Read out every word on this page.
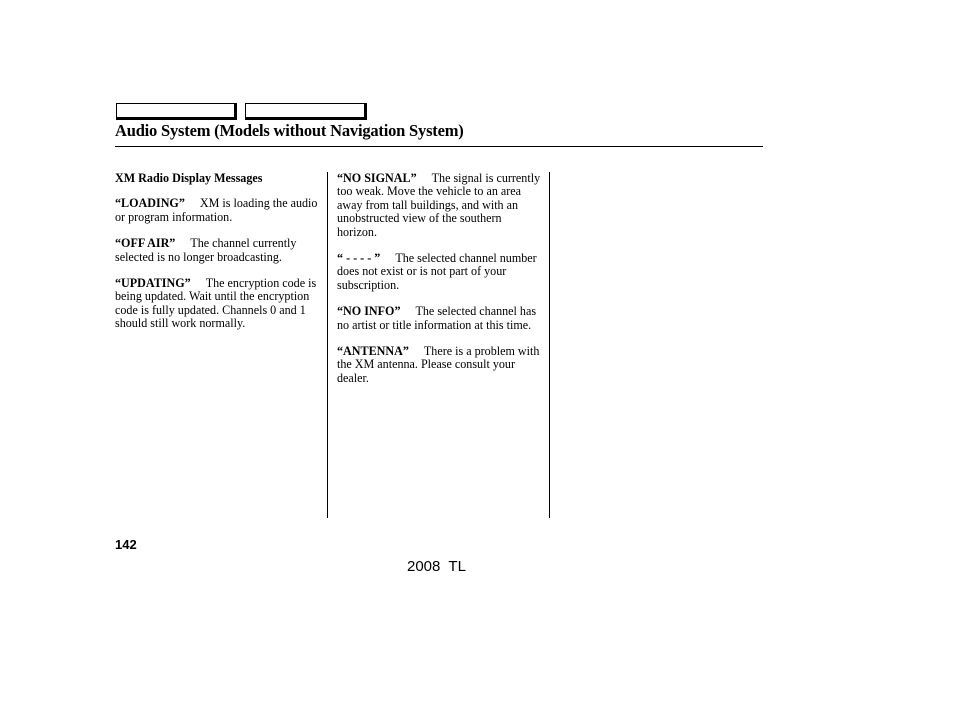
Audio System (Models without Navigation System)

XM Radio Display Messages

“LOADING” XM is loading the audio or program information.

“OFF AIR” The channel currently selected is no longer broadcasting.

“UPDATING” The encryption code is being updated. Wait until the encryption code is fully updated. Channels 0 and 1 should still work normally.

“NO SIGNAL” The signal is currently too weak. Move the vehicle to an area away from tall buildings, and with an unobstructed view of the southern horizon.

“ - - - - ” The selected channel number does not exist or is not part of your subscription.

“NO INFO” The selected channel has no artist or title information at this time.

“ANTENNA” There is a problem with the XM antenna. Please consult your dealer.

142
2008  TL
